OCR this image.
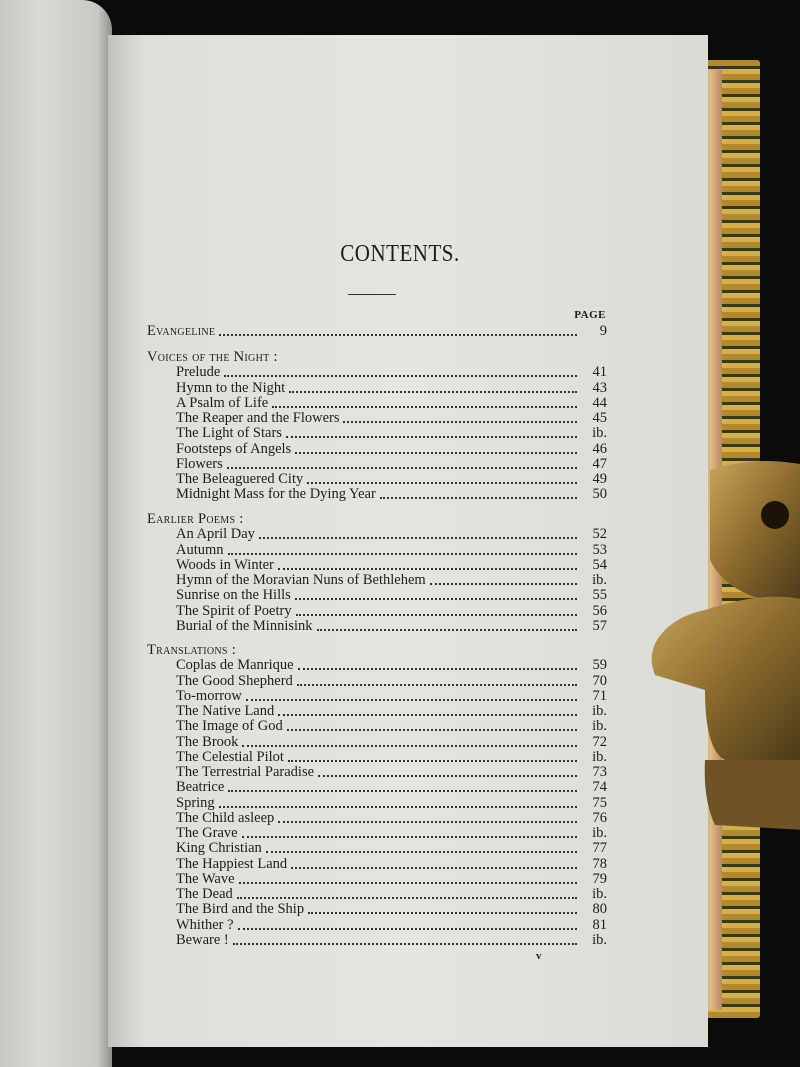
CONTENTS.
PAGE
Evangeline	9
Voices of the Night :
Prelude	41
Hymn to the Night	43
A Psalm of Life	44
The Reaper and the Flowers	45
The Light of Stars	ib.
Footsteps of Angels	46
Flowers	47
The Beleaguered City	49
Midnight Mass for the Dying Year	50
Earlier Poems :
An April Day	52
Autumn	53
Woods in Winter	54
Hymn of the Moravian Nuns of Bethlehem	ib.
Sunrise on the Hills	55
The Spirit of Poetry	56
Burial of the Minnisink	57
Translations :
Coplas de Manrique	59
The Good Shepherd	70
To-morrow	71
The Native Land	ib.
The Image of God	ib.
The Brook	72
The Celestial Pilot	ib.
The Terrestrial Paradise	73
Beatrice	74
Spring	75
The Child asleep	76
The Grave	ib.
King Christian	77
The Happiest Land	78
The Wave	79
The Dead	ib.
The Bird and the Ship	80
Whither ?	81
Beware !	ib.
v
